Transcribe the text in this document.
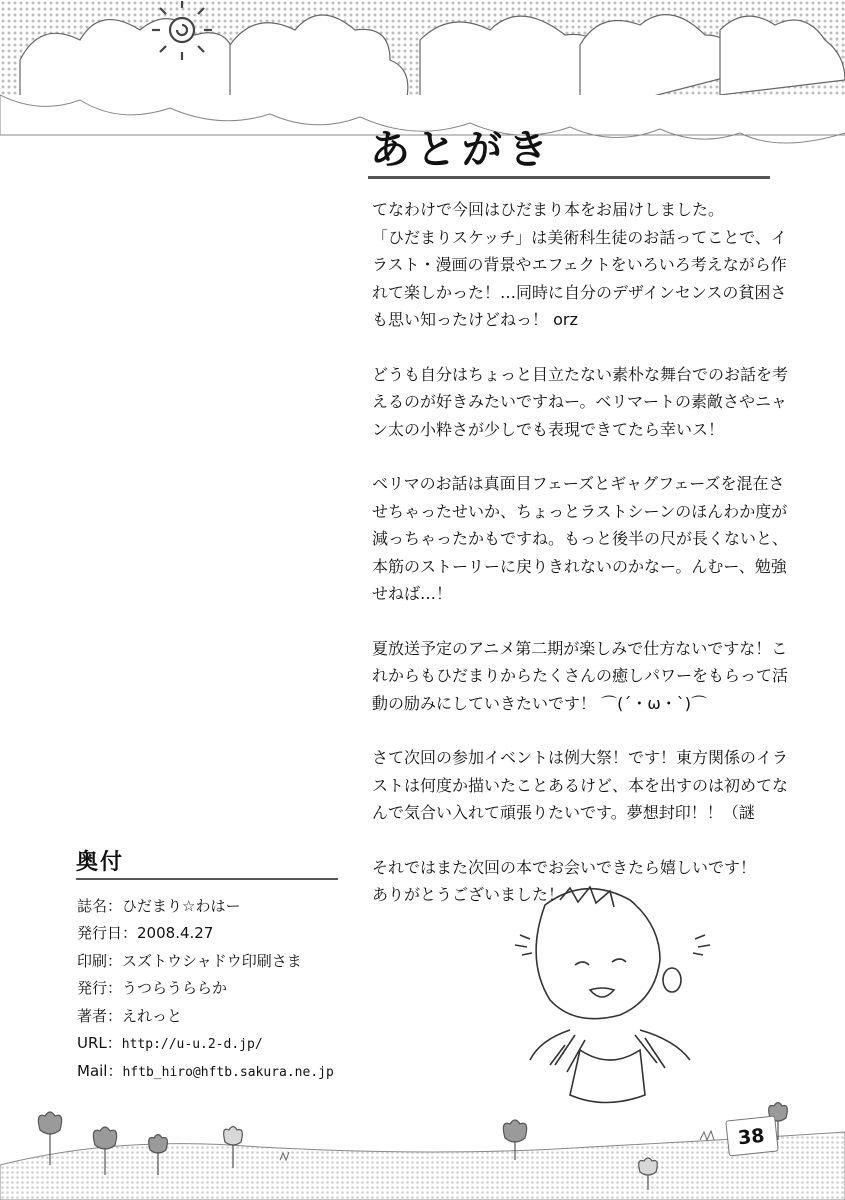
あとがき

てなわけで今回はひだまり本をお届けしました。
「ひだまりスケッチ」は美術科生徒のお話ってことで、イ
ラスト・漫画の背景やエフェクトをいろいろ考えながら作
れて楽しかった！…同時に自分のデザインセンスの貧困さ
も思い知ったけどねっ！ orz

どうも自分はちょっと目立たない素朴な舞台でのお話を考
えるのが好きみたいですねー。ベリマートの素敵さやニャ
ン太の小粋さが少しでも表現できてたら幸いス！

ベリマのお話は真面目フェーズとギャグフェーズを混在さ
せちゃったせいか、ちょっとラストシーンのほんわか度が
減っちゃったかもですね。もっと後半の尺が長くないと、
本筋のストーリーに戻りきれないのかなー。んむー、勉強
せねば…！

夏放送予定のアニメ第二期が楽しみで仕方ないですな！こ
れからもひだまりからたくさんの癒しパワーをもらって活
動の励みにしていきたいです！ ⌒(´・ω・`)⌒

さて次回の参加イベントは例大祭！です！東方関係のイラ
ストは何度か描いたことあるけど、本を出すのは初めてな
んで気合い入れて頑張りたいです。夢想封印！！（謎

それではまた次回の本でお会いできたら嬉しいです！
ありがとうございました！

奥付
誌名：ひだまり☆わはー
発行日：2008.4.27
印刷：スズトウシャドウ印刷さま
発行：うつらうららか
著者：えれっと
URL：http://u-u.2-d.jp/
Mail：hftb_hiro@hftb.sakura.ne.jp
38
